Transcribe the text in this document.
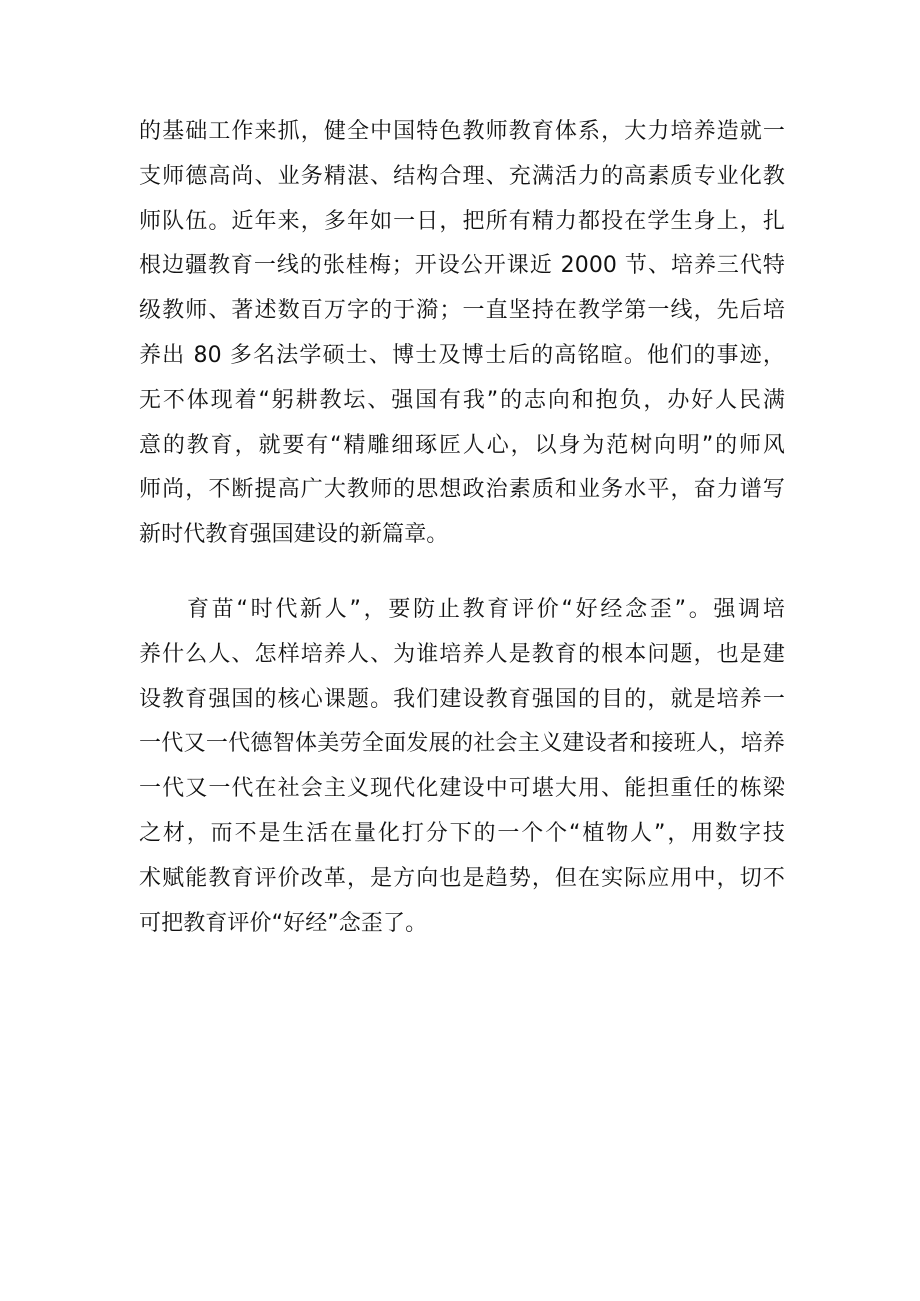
的基础工作来抓，健全中国特色教师教育体系，大力培养造就一
支师德高尚、业务精湛、结构合理、充满活力的高素质专业化教
师队伍。近年来，多年如一日，把所有精力都投在学生身上，扎
根边疆教育一线的张桂梅；开设公开课近 2000 节、培养三代特
级教师、著述数百万字的于漪；一直坚持在教学第一线，先后培
养出 80 多名法学硕士、博士及博士后的高铭暄。他们的事迹，
无不体现着“躬耕教坛、强国有我”的志向和抱负，办好人民满
意的教育，就要有“精雕细琢匠人心，以身为范树向明”的师风
师尚，不断提高广大教师的思想政治素质和业务水平，奋力谱写
新时代教育强国建设的新篇章。
育苗“时代新人”，要防止教育评价“好经念歪”。强调培
养什么人、怎样培养人、为谁培养人是教育的根本问题，也是建
设教育强国的核心课题。我们建设教育强国的目的，就是培养一
一代又一代德智体美劳全面发展的社会主义建设者和接班人，培养
一代又一代在社会主义现代化建设中可堪大用、能担重任的栋梁
之材，而不是生活在量化打分下的一个个“植物人”，用数字技
术赋能教育评价改革，是方向也是趋势，但在实际应用中，切不
可把教育评价“好经”念歪了。
